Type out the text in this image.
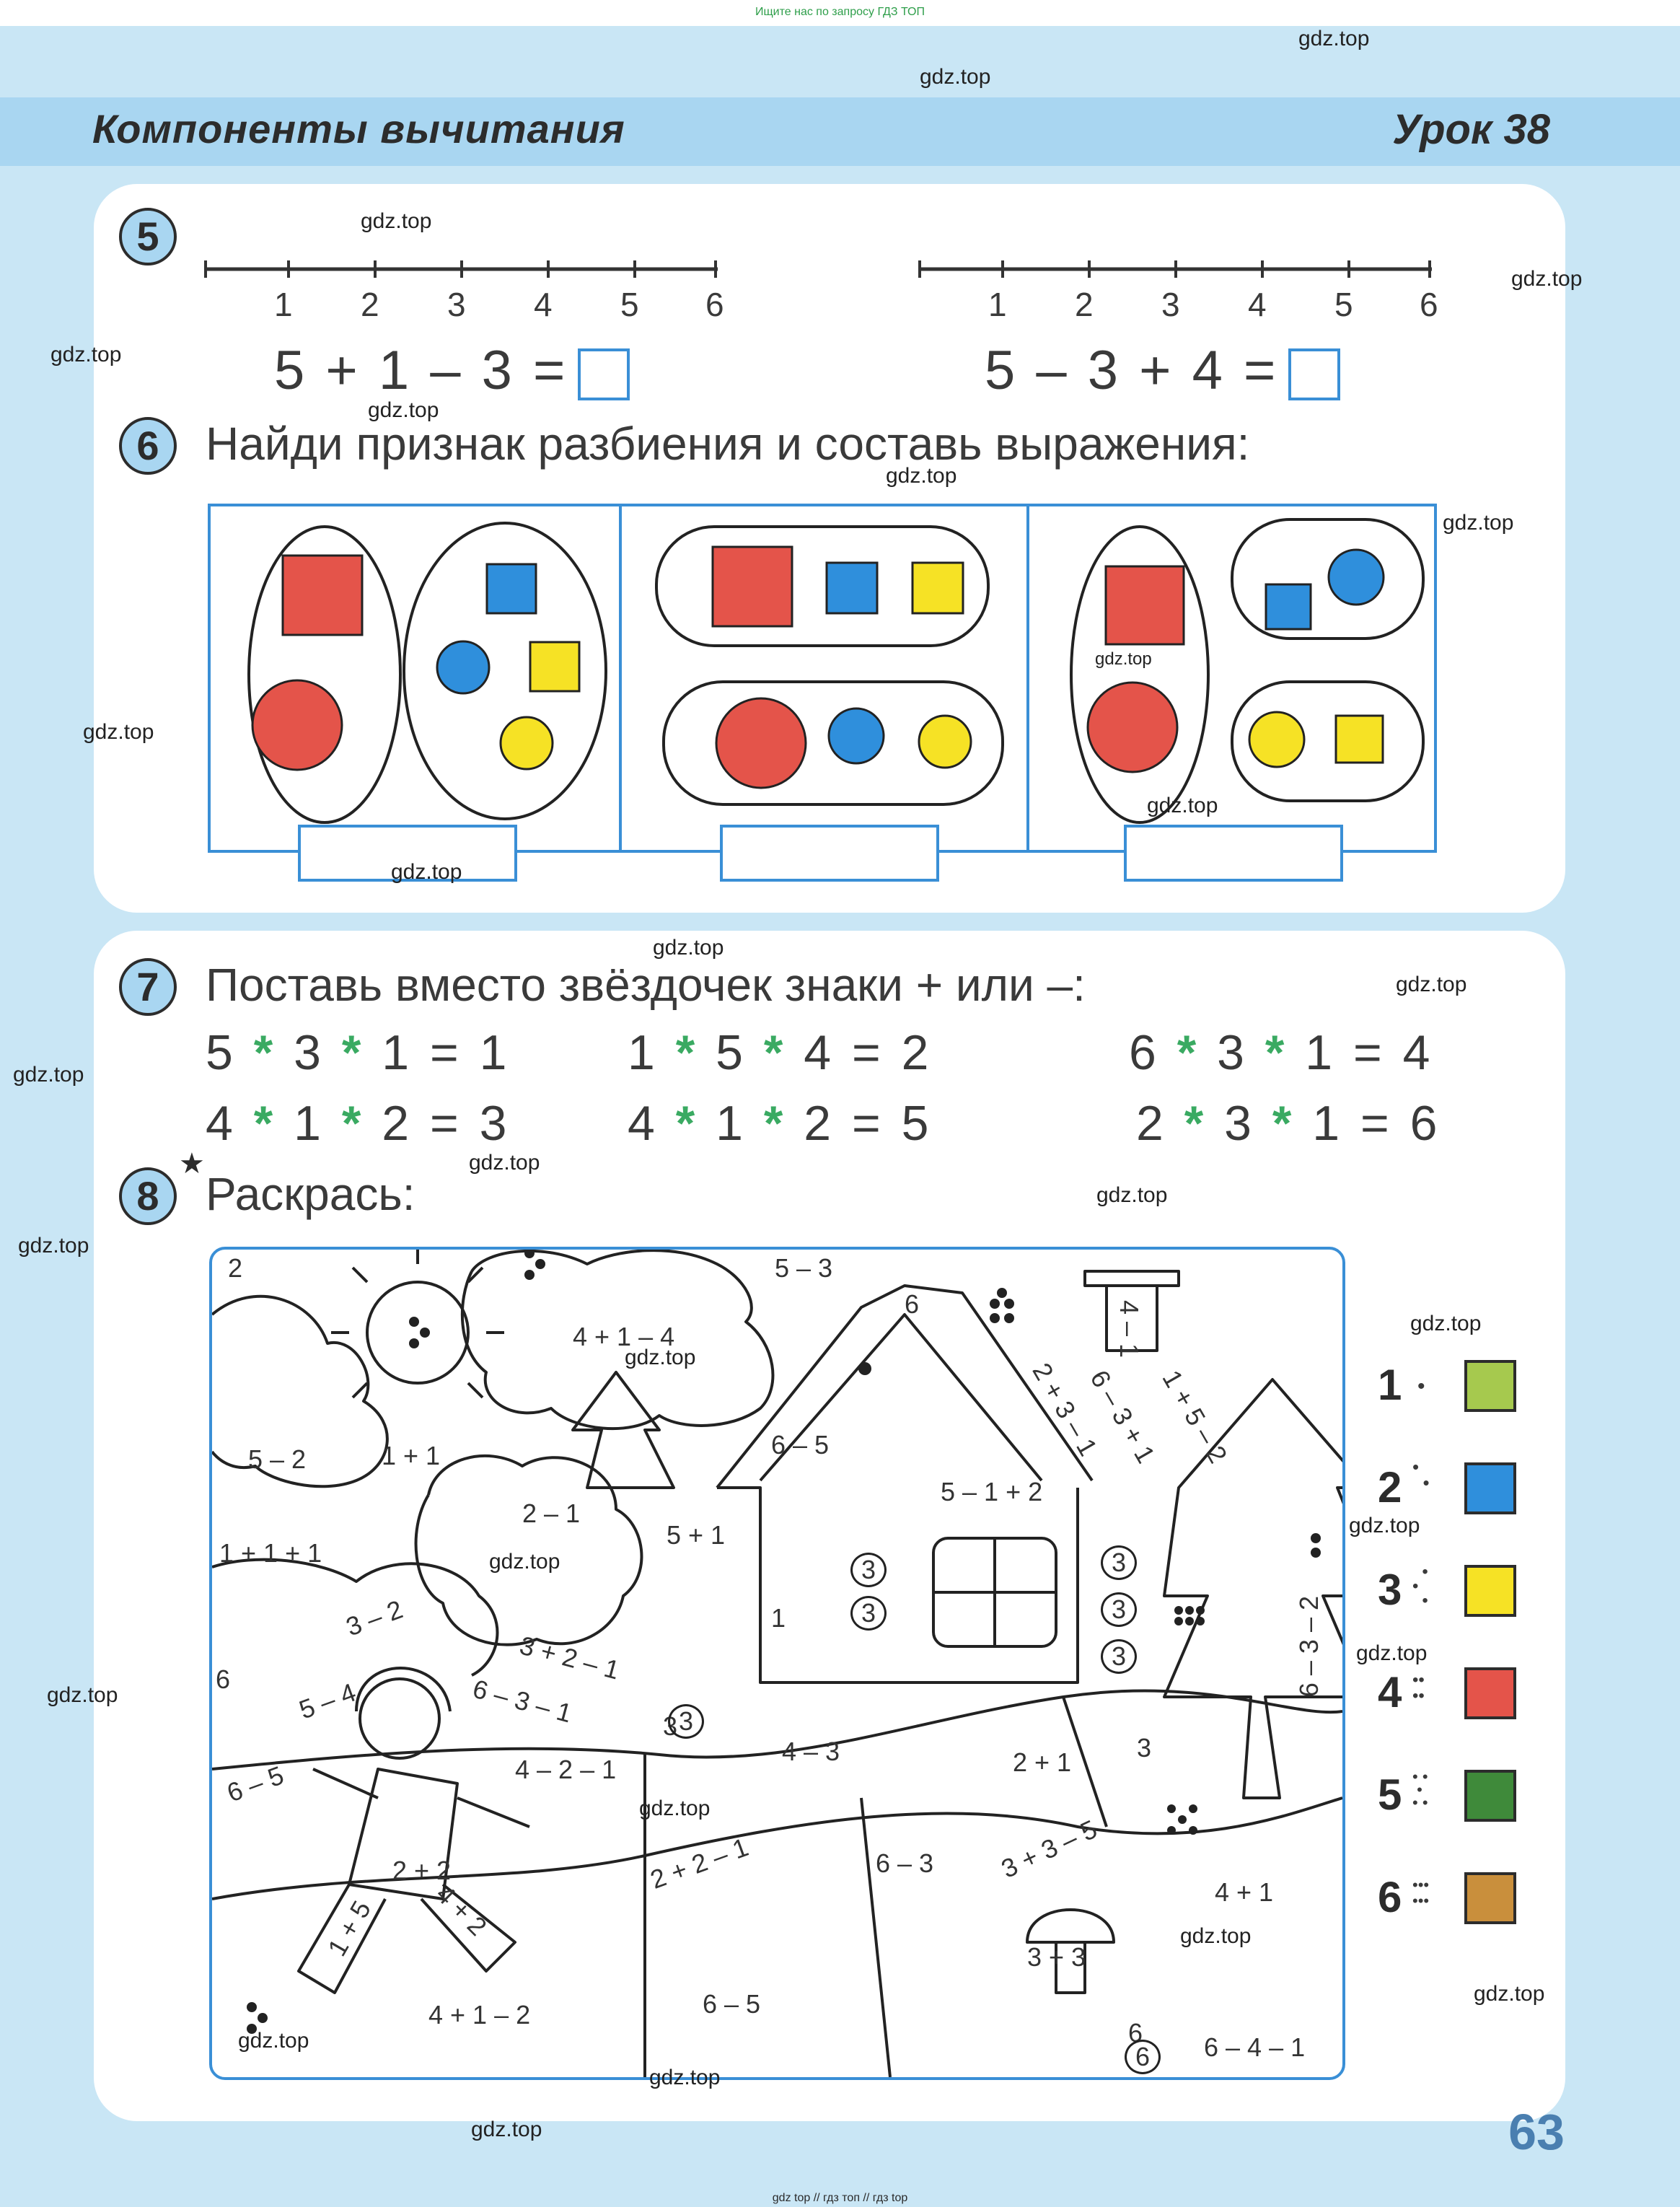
Ищите нас по запросу ГДЗ ТОП
Компоненты вычитания	Урок 38
5
1 2 3 4 5 6	1 2 3 4 5 6
5 + 1 – 3 =	5 – 3 + 4 =
6	Найди признак разбиения и составь выражения:
7	Поставь вместо звёздочек знаки + или –:
5 * 3 * 1 = 1 1 * 5 * 4 = 2	6 * 3 * 1 = 4
4 * 1 * 2 = 3 4 * 1 * 2 = 5	2 * 3 * 1 = 6
8
★
Раскрась:
2	5 – 3
6
4 + 1 – 4	4 – 1
2 + 3 – 1
6 – 3 + 1
1 + 5 – 2
6 – 5
5 – 1 + 2
5 – 2	1 + 1
2 – 1
5 + 1
1 + 1 + 1
3 – 2
3 + 2 – 1
6 – 3 – 1
5 – 4
6
1
3
4 – 2 – 1
4 – 3	2 + 1	3
6 – 3 – 2
6 – 5
2 + 2	2 + 2 – 1	6 – 3 3 + 3 – 5
4 + 1
1 + 5 4 + 2
3 + 3
4 + 1 – 2	6 – 5
6 6 – 4 – 1
3
3
3
3
3
3
6
1 •
2 •
•
3 •
•
•
4 ••
••
5 • •
•
• •
6 •••
•••
gdz.top
gdz.top
gdz.top
gdz.top
gdz.top
gdz.top
gdz.top
gdz.top
gdz.top
gdz.top
gdz.top
gdz.top
gdz.top
gdz.top
gdz.top
gdz.top
gdz.top
gdz.top
gdz.top
gdz.top
gdz.top
gdz.top
gdz.top
gdz.top
gdz.top
gdz.top
gdz.top
gdz.top
gdz.top
gdz.top	63
gdz top // гдз топ // гдз top
